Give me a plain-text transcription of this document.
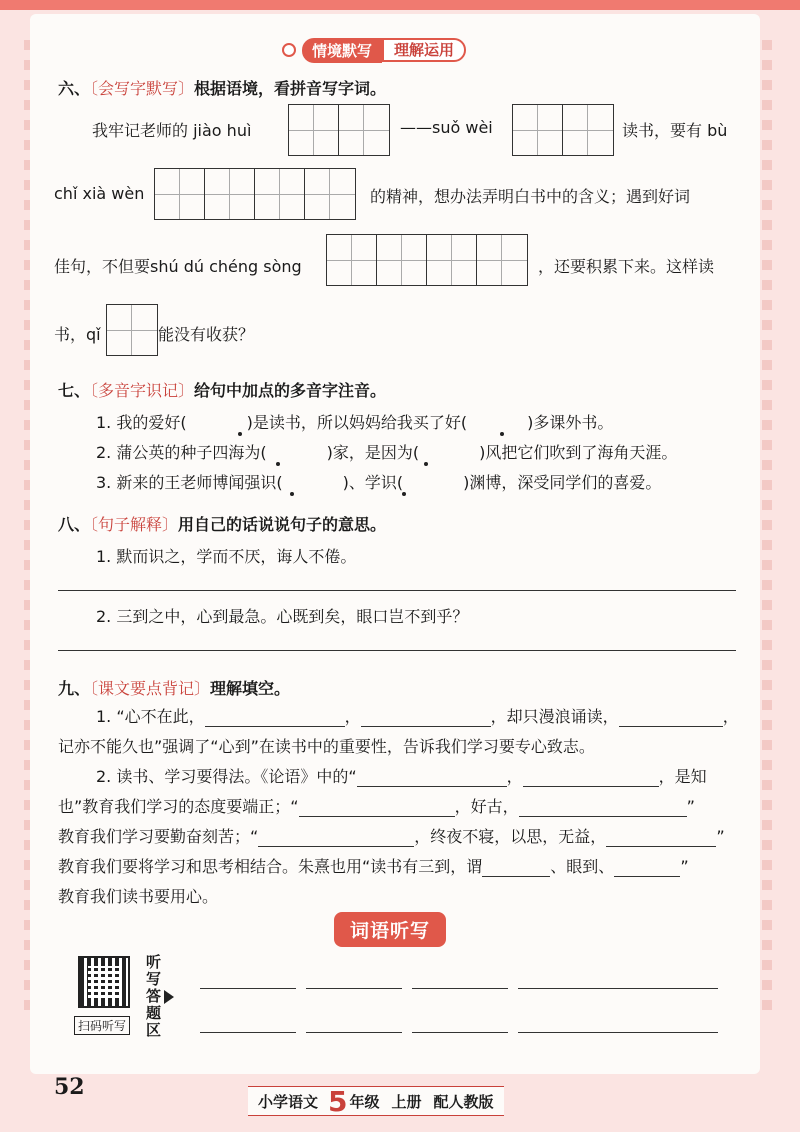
情境默写	理解运用
六、〔会写字默写〕根据语境，看拼音写字词。
我牢记老师的 jiào huì	——suǒ wèi	读书，要有 bù
chǐ xià wèn	的精神，想办法弄明白书中的含义；遇到好词
佳句，不但要shú dú chéng sòng	，还要积累下来。这样读
书，qǐ	能没有收获？
七、〔多音字识记〕给句中加点的多音字注音。
1. 我的爱好(	)是读书，所以妈妈给我买了好(	)多课外书。
2. 蒲公英的种子四海为(	)家，是因为(	)风把它们吹到了海角天涯。
3. 新来的王老师博闻强识(	)、学识(	)渊博，深受同学们的喜爱。
八、〔句子解释〕用自己的话说说句子的意思。
1. 默而识之，学而不厌，诲人不倦。
2. 三到之中，心到最急。心既到矣，眼口岂不到乎？
九、〔课文要点背记〕理解填空。
1. “心不在此，	，	，却只漫浪诵读，	，
记亦不能久也”强调了“心到”在读书中的重要性，告诉我们学习要专心致志。
2. 读书、学习要得法。《论语》中的“	，	，是知
也”教育我们学习的态度要端正；“	，好古，	”
教育我们学习要勤奋刻苦；“	，终夜不寝，以思，无益，	”
教育我们要将学习和思考相结合。朱熹也用“读书有三到，谓	、眼到、	”
教育我们读书要用心。
词语听写
扫码听写
听写答题区
52
小学语文 5 年级 上册 配人教版
